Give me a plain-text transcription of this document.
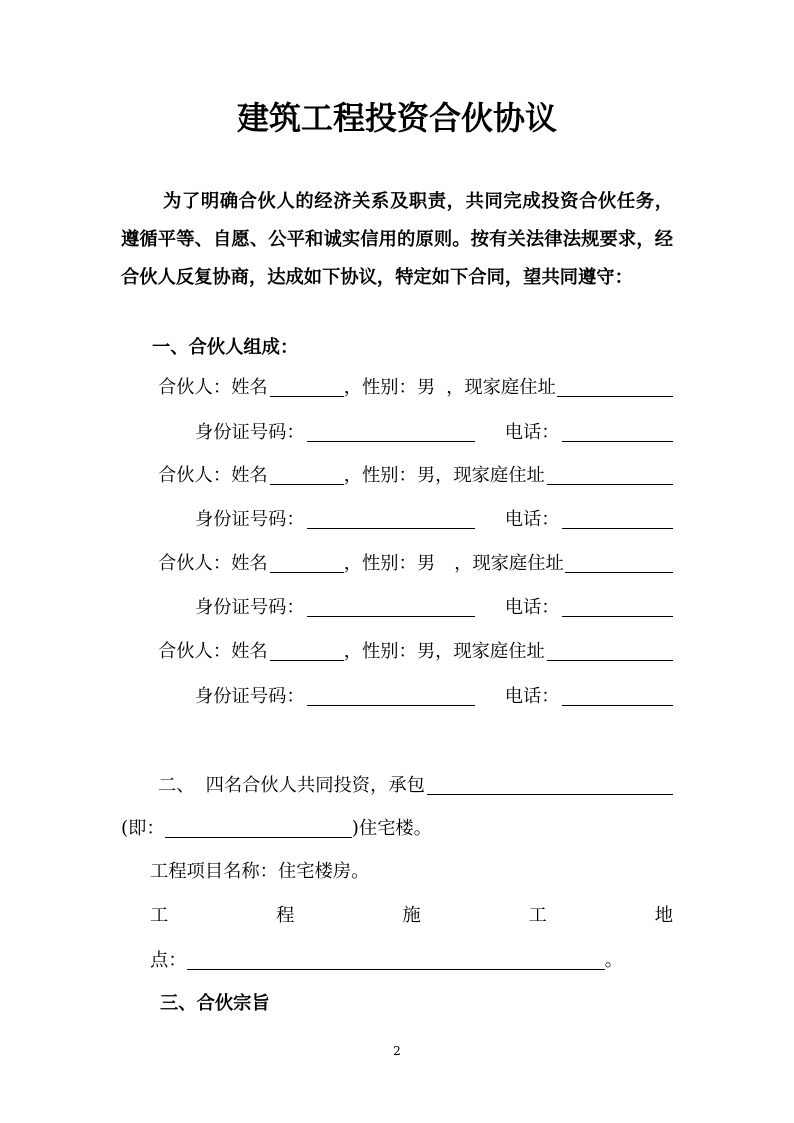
建筑工程投资合伙协议
为了明确合伙人的经济关系及职责，共同完成投资合伙任务，
遵循平等、自愿、公平和诚实信用的原则。按有关法律法规要求，经
合伙人反复协商，达成如下协议，特定如下合同，望共同遵守：
一、合伙人组成：
合伙人：姓名	，性别： 男 ，现家庭住址
身份证号码：	电话：
合伙人：姓名	，性别： 男 ，现家庭住址
身份证号码：	电话：
合伙人：姓名	，性别： 男 ，现家庭住址
身份证号码：	电话：
合伙人：姓名	，性别： 男 ，现家庭住址
身份证号码：	电话：
二、 四名合伙人共同投资，承包
(即：	)住宅楼。
工程项目名称：住宅楼房。
工	程	施	工	地
点：	。
三、合伙宗旨
2
